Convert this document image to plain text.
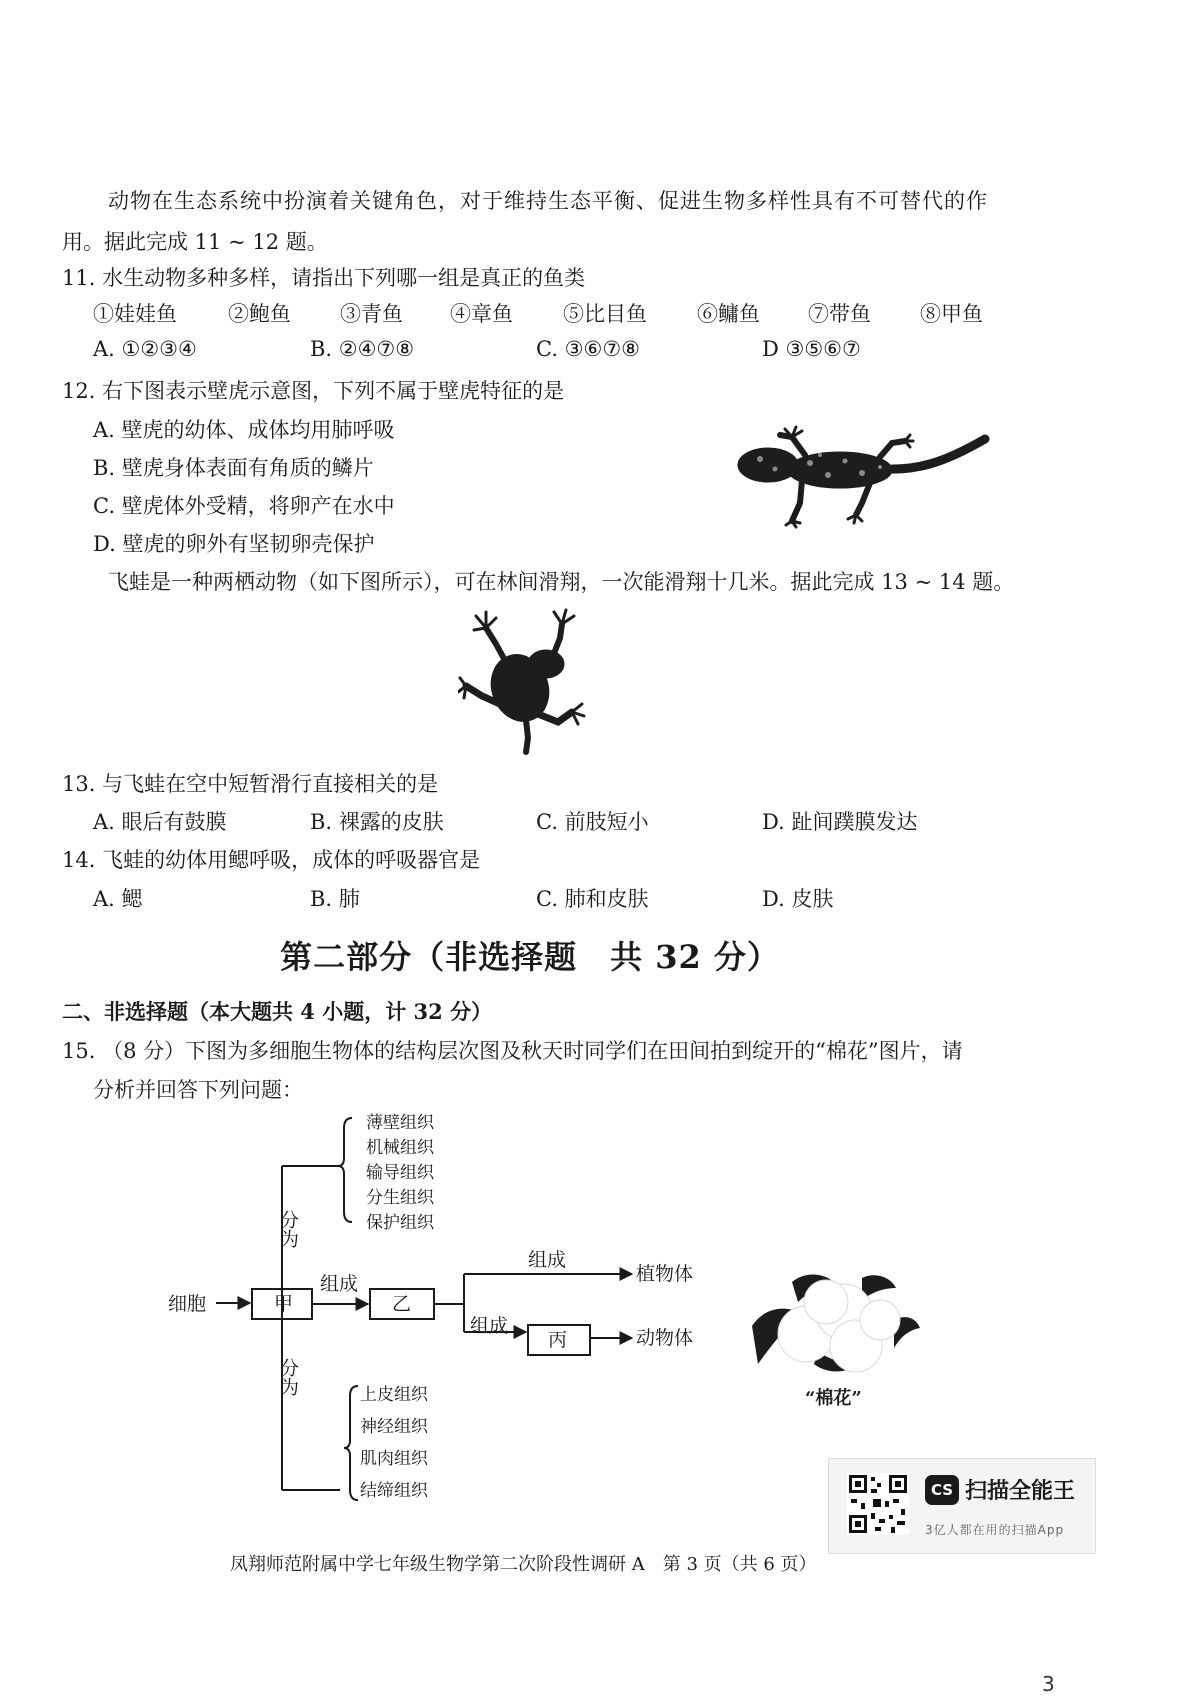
动物在生态系统中扮演着关键角色，对于维持生态平衡、促进生物多样性具有不可替代的作
用。据此完成 11 ~ 12 题。
11. 水生动物多种多样，请指出下列哪一组是真正的鱼类
①娃娃鱼 ②鲍鱼 ③青鱼 ④章鱼 ⑤比目鱼 ⑥鳙鱼 ⑦带鱼 ⑧甲鱼
A. ①②③④	B. ②④⑦⑧	C. ③⑥⑦⑧	D ③⑤⑥⑦
12. 右下图表示壁虎示意图，下列不属于壁虎特征的是
A. 壁虎的幼体、成体均用肺呼吸
B. 壁虎身体表面有角质的鳞片
C. 壁虎体外受精，将卵产在水中
D. 壁虎的卵外有坚韧卵壳保护
飞蛙是一种两栖动物（如下图所示），可在林间滑翔，一次能滑翔十几米。据此完成 13 ~ 14 题。
13. 与飞蛙在空中短暂滑行直接相关的是
A. 眼后有鼓膜	B. 裸露的皮肤	C. 前肢短小	D. 趾间蹼膜发达
14. 飞蛙的幼体用鳃呼吸，成体的呼吸器官是
A. 鳃	B. 肺	C. 肺和皮肤	D. 皮肤
第二部分（非选择题　共 32 分）
二、非选择题（本大题共 4 小题，计 32 分）
15. （8 分）下图为多细胞生物体的结构层次图及秋天时同学们在田间拍到绽开的“棉花”图片，请
分析并回答下列问题：
细胞	甲	乙
丙
组成
组成
组成
植物体
动物体
分为
分为
薄壁组织
机械组织
输导组织
分生组织
保护组织
上皮组织
神经组织
肌肉组织
结缔组织
“棉花”
凤翔师范附属中学七年级生物学第二次阶段性调研 A　第 3 页（共 6 页）
CS 扫描全能王
3亿人都在用的扫描App
3
